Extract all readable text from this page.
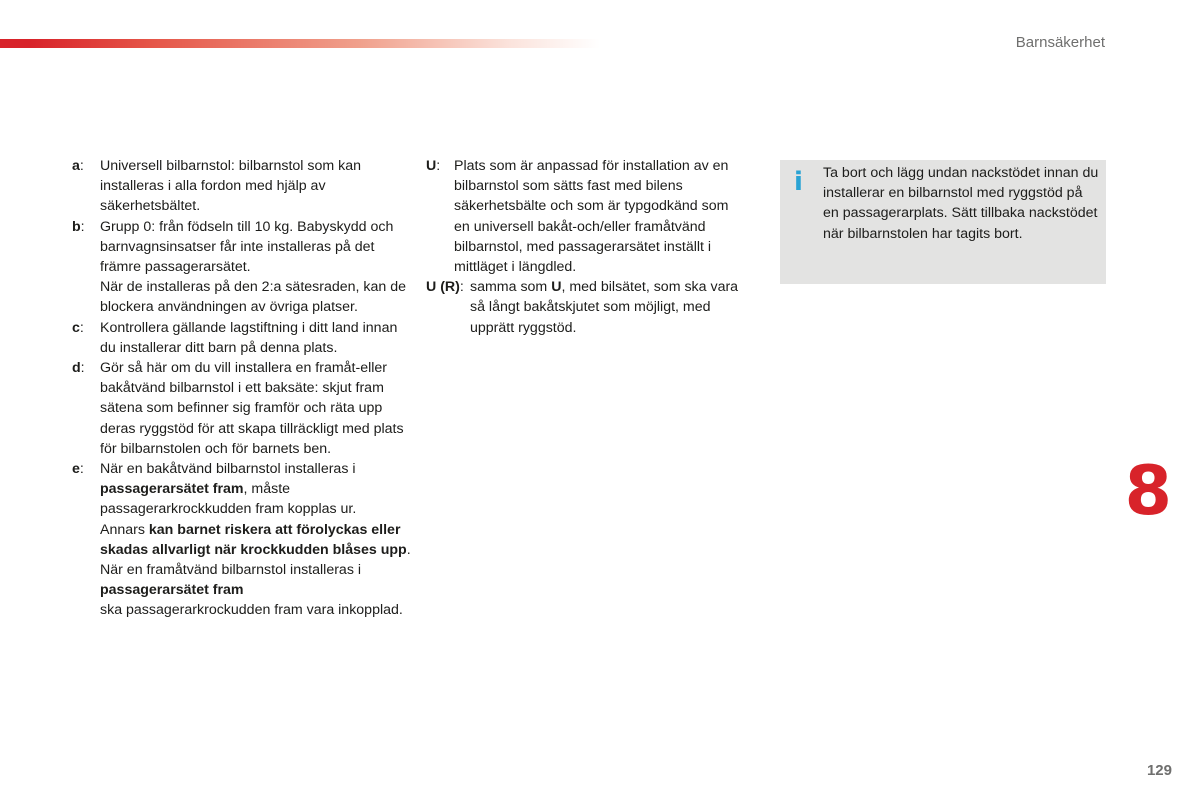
Barnsäkerhet
a:	Universell bilbarnstol: bilbarnstol som kan installeras i alla fordon med hjälp av säkerhetsbältet.

b:	Grupp 0: från födseln till 10 kg. Babyskydd och barnvagnsinsatser får inte installeras på det främre passagerarsätet.

När de installeras på den 2:a sätesraden, kan de blockera användningen av övriga platser.

c:	Kontrollera gällande lagstiftning i ditt land innan du installerar ditt barn på denna plats.

d:	Gör så här om du vill installera en framåt-eller bakåtvänd bilbarnstol i ett baksäte: skjut fram sätena som befinner sig framför och räta upp deras ryggstöd för att skapa tillräckligt med plats för bilbarnstolen och för barnets ben.

e:	När en bakåtvänd bilbarnstol installeras i passagerarsätet fram, måste passagerarkrockkudden fram kopplas ur.

Annars kan barnet riskera att förolyckas eller skadas allvarligt när krockkudden blåses upp.

När en framåtvänd bilbarnstol installeras i passagerarsätet fram
ska passagerarkrockudden fram vara inkopplad.

U: Plats som är anpassad för installation av en bilbarnstol som sätts fast med bilens säkerhetsbälte och som är typgodkänd som en universell bakåt-och/eller framåtvänd bilbarnstol, med passagerarsätet inställt i mittläget i längdled.

U (R): samma som U, med bilsätet, som ska vara så långt bakåtskjutet som möjligt, med upprätt ryggstöd.

i Ta bort och lägg undan nackstödet innan du installerar en bilbarnstol med ryggstöd på en passagerarplats. Sätt tillbaka nackstödet när bilbarnstolen har tagits bort.
8
129
